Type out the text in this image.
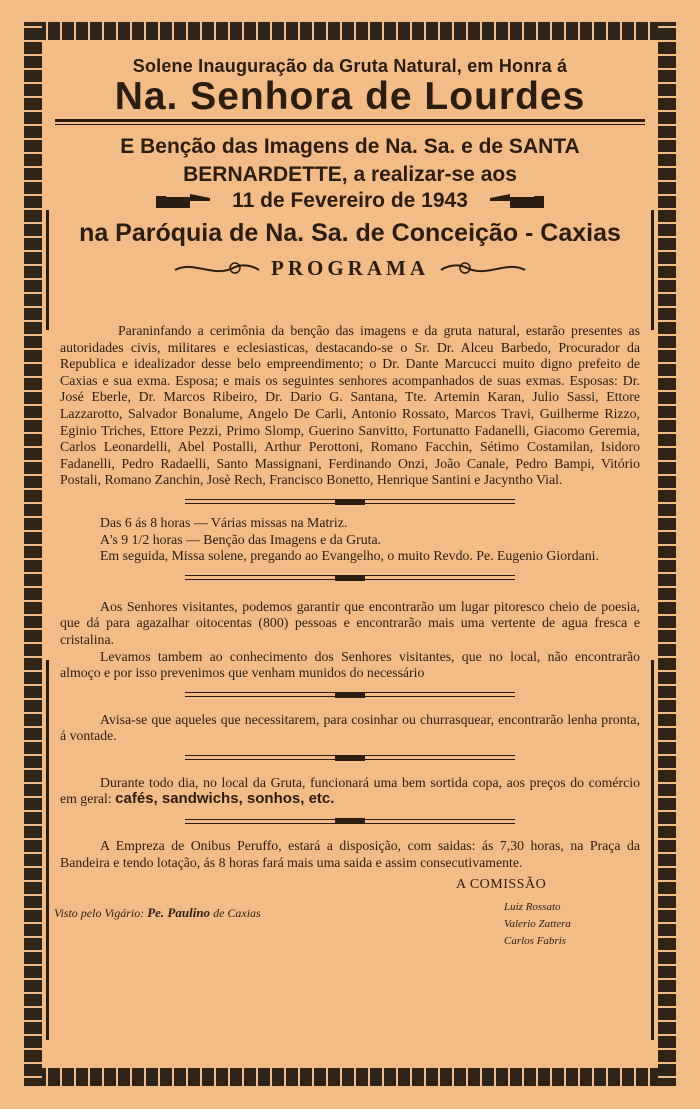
Solene Inauguração da Gruta Natural, em Honra á
Na. Senhora de Lourdes
E Benção das Imagens de Na. Sa. e de SANTA
BERNARDETTE, a realizar-se aos
11 de Fevereiro de 1943
na Paróquia de Na. Sa. de Conceição - Caxias
PROGRAMA
Paraninfando a cerimônia da benção das imagens e da gruta natural, estarão presentes as autoridades civis, militares e eclesiasticas, destacando-se o Sr. Dr. Alceu Barbedo, Procurador da Republica e idealizador desse belo empreendimento; o Dr. Dante Marcucci muito digno prefeito de Caxias e sua exma. Esposa; e mais os seguintes senhores acompanhados de suas exmas. Esposas: Dr. José Eberle, Dr. Marcos Ribeiro, Dr. Dario G. Santana, Tte. Artemin Karan, Julio Sassi, Ettore Lazzarotto, Salvador Bonalume, Angelo De Carli, Antonio Rossato, Marcos Travi, Guilherme Rizzo, Eginio Triches, Ettore Pezzi, Primo Slomp, Guerino Sanvitto, Fortunatto Fadanelli, Giacomo Geremia, Carlos Leonardelli, Abel Postalli, Arthur Perottoni, Romano Facchin, Sétimo Costamilan, Isidoro Fadanelli, Pedro Radaelli, Santo Massignani, Ferdinando Onzi, João Canale, Pedro Bampi, Vitório Postali, Romano Zanchin, Josè Rech, Francisco Bonetto, Henrique Santini e Jacyntho Vial.
Das 6 ás 8 horas — Várias missas na Matriz.
A's 9 1/2 horas — Benção das Imagens e da Gruta.
Em seguida, Missa solene, pregando ao Evangelho, o muito Revdo. Pe. Eugenio Giordani.
Aos Senhores visitantes, podemos garantir que encontrarão um lugar pitoresco cheio de poesia, que dá para agazalhar oitocentas (800) pessoas e encontrarão mais uma vertente de agua fresca e cristalina.
Levamos tambem ao conhecimento dos Senhores visitantes, que no local, não encontrarão almoço e por isso prevenimos que venham munidos do necessário
Avisa-se que aqueles que necessitarem, para cosinhar ou churrasquear, encontrarão lenha pronta, á vontade.
Durante todo dia, no local da Gruta, funcionará uma bem sortida copa, aos preços do comércio em geral: cafés, sandwichs, sonhos, etc.
A Empreza de Onibus Peruffo, estará a disposição, com saidas: ás 7,30 horas, na Praça da Bandeira e tendo lotação, ás 8 horas fará mais uma saida e assim consecutivamente.
Visto pelo Vigário: Pe. Paulino de Caxias
A COMISSÃO
Luiz Rossato
Valerio Zattera
Carlos Fabris
